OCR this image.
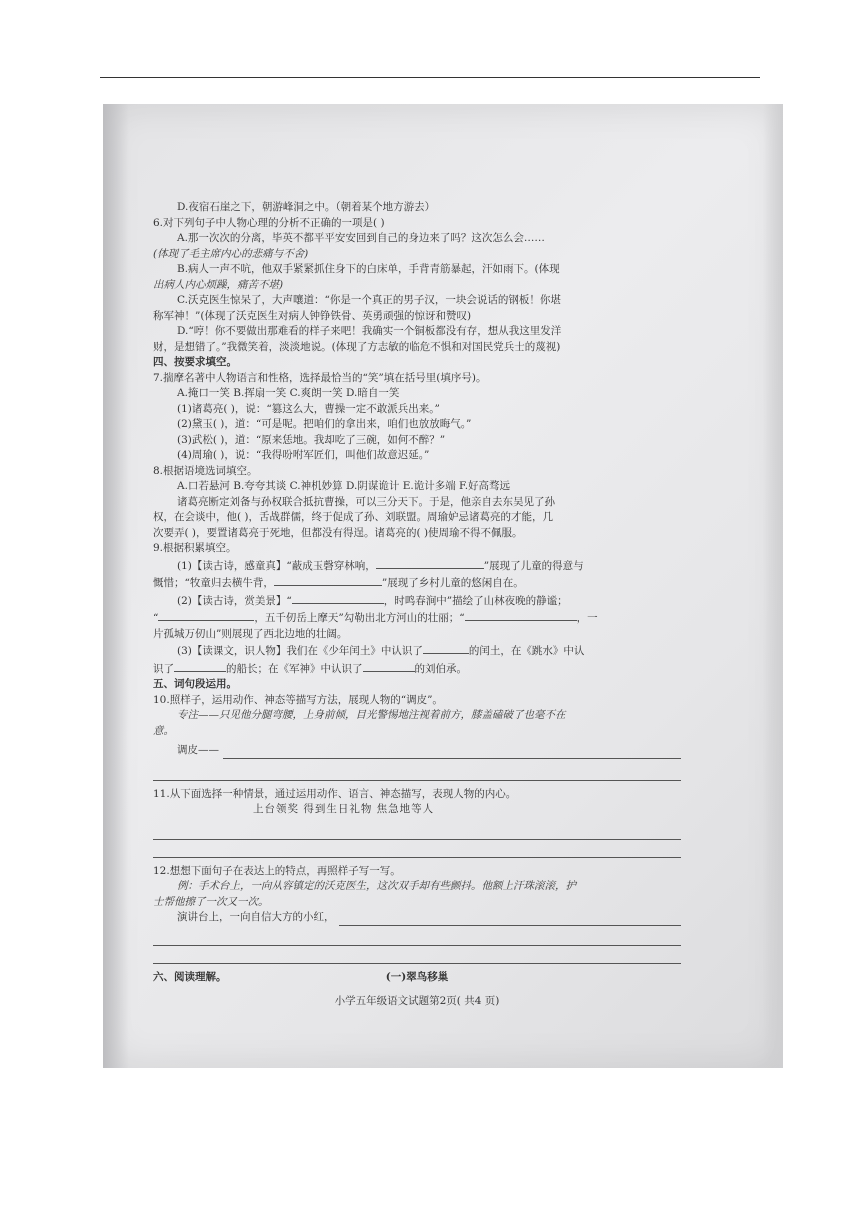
D.夜宿石崖之下，朝游峰洞之中。（朝着某个地方游去）
6.对下列句子中人物心理的分析不正确的一项是( )
A.那一次次的分离，毕英不都平平安安回到自己的身边来了吗？这次怎么会……
(体现了毛主席内心的悲痛与不舍)
B.病人一声不吭，他双手紧紧抓住身下的白床单，手背青筋暴起，汗如雨下。(体现
出病人内心烦躁，痛苦不堪)
C.沃克医生惊呆了，大声嚷道：“你是一个真正的男子汉，一块会说话的钢板！你堪
称军神！”(体现了沃克医生对病人钟铮铁骨、英勇顽强的惊讶和赞叹)
D.“哼！你不要做出那难看的样子来吧！我确实一个铜板都没有存，想从我这里发洋
财，是想错了。”我微笑着，淡淡地说。(体现了方志敏的临危不惧和对国民党兵士的蔑视)
四、按要求填空。
7.揣摩名著中人物语言和性格，选择最恰当的“笑”填在括号里(填序号)。
A.掩口一笑 B.挥扇一笑 C.爽朗一笑 D.暗自一笑
(1)诸葛亮( )，说：“篡这么大，曹操一定不敢派兵出来。”
(2)黛玉( )，道：“可是呢。把咱们的拿出来，咱们也放放晦气。”
(3)武松( )，道：“原来恁地。我却吃了三碗，如何不醉？”
(4)周瑜( )，说：“我得吩咐军匠们，叫他们故意迟延。”
8.根据语境选词填空。
A.口若悬河 B.夸夸其谈 C.神机妙算 D.阴谋诡计 E.诡计多端 F.好高骛远
诸葛亮断定刘备与孙权联合抵抗曹操，可以三分天下。于是，他亲自去东吴见了孙
权，在会谈中，他( )，舌战群儒，终于促成了孙、刘联盟。周瑜妒忌诸葛亮的才能，几
次要弄( )，要置诸葛亮于死地，但都没有得逞。诸葛亮的( )使周瑜不得不佩服。
9.根据积累填空。
(1)【读古诗，感童真】“蔽成玉磬穿林响，	”展现了儿童的得意与
慨惜；“牧童归去横牛背，	”展现了乡村儿童的悠闲自在。
(2)【读古诗，赏美景】“	，时鸣春涧中”描绘了山林夜晚的静谧；
“	，五千仞岳上摩天”勾勒出北方河山的壮丽；“	，一
片孤城万仞山”则展现了西北边地的壮阔。
(3)【读课文，识人物】我们在《少年闰土》中认识了	的闰土，在《跳水》中认
识了	的船长；在《军神》中认识了	的刘伯承。
五、词句段运用。
10.照样子，运用动作、神态等描写方法，展现人物的“调皮”。
专注——只见他分腿弯腰，上身前倾，目光警惕地注视着前方，膝盖磕破了也毫不在
意。
调皮——
11.从下面选择一种情景，通过运用动作、语言、神态描写，表现人物的内心。
上台领奖 得到生日礼物 焦急地等人
12.想想下面句子在表达上的特点，再照样子写一写。
例：手术台上，一向从容镇定的沃克医生，这次双手却有些颤抖。他额上汗珠滚滚，护
士帮他擦了一次又一次。
演讲台上，一向自信大方的小红，
六、阅读理解。	(一)翠鸟移巢
小学五年级语文试题第2页( 共4 页)
